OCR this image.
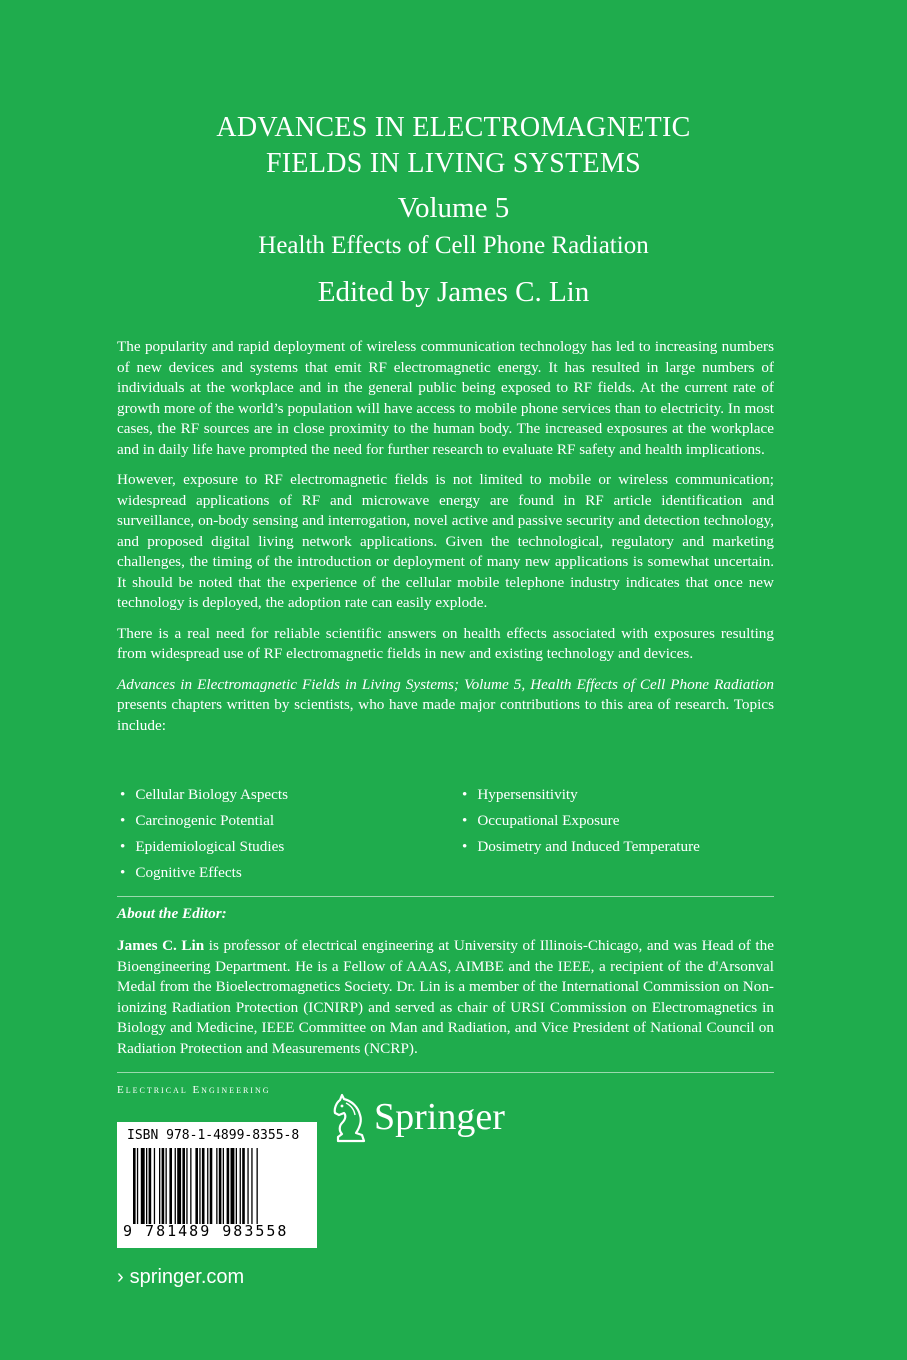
ADVANCES IN ELECTROMAGNETIC
FIELDS IN LIVING SYSTEMS
Volume 5
Health Effects of Cell Phone Radiation
Edited by James C. Lin

The popularity and rapid deployment of wireless communication technology has led to increasing numbers of new devices and systems that emit RF electromagnetic energy. It has resulted in large numbers of individuals at the workplace and in the general public being exposed to RF fields. At the current rate of growth more of the world’s population will have access to mobile phone services than to electricity. In most cases, the RF sources are in close proximity to the human body. The increased exposures at the workplace and in daily life have prompted the need for further research to evaluate RF safety and health implications.

However, exposure to RF electromagnetic fields is not limited to mobile or wireless communication; widespread applications of RF and microwave energy are found in RF article identification and surveillance, on-body sensing and interrogation, novel active and passive security and detection technology, and proposed digital living network applications. Given the technological, regulatory and marketing challenges, the timing of the introduction or deployment of many new applications is somewhat uncertain. It should be noted that the experience of the cellular mobile telephone industry indicates that once new technology is deployed, the adoption rate can easily explode.

There is a real need for reliable scientific answers on health effects associated with exposures resulting from widespread use of RF electromagnetic fields in new and existing technology and devices.

Advances in Electromagnetic Fields in Living Systems; Volume 5, Health Effects of Cell Phone Radiation presents chapters written by scientists, who have made major contributions to this area of research. Topics include:

• Cellular Biology Aspects
• Carcinogenic Potential
• Epidemiological Studies
• Cognitive Effects
• Hypersensitivity
• Occupational Exposure
• Dosimetry and Induced Temperature
About the Editor:
James C. Lin is professor of electrical engineering at University of Illinois-Chicago, and was Head of the Bioengineering Department. He is a Fellow of AAAS, AIMBE and the IEEE, a recipient of the d'Arsonval Medal from the Bioelectromagnetics Society. Dr. Lin is a member of the International Commission on Non-ionizing Radiation Protection (ICNIRP) and served as chair of URSI Commission on Electromagnetics in Biology and Medicine, IEEE Committee on Man and Radiation, and Vice President of National Council on Radiation Protection and Measurements (NCRP).
Electrical Engineering
Springer
ISBN 978-1-4899-8355-8
9 781489 983558
› springer.com
